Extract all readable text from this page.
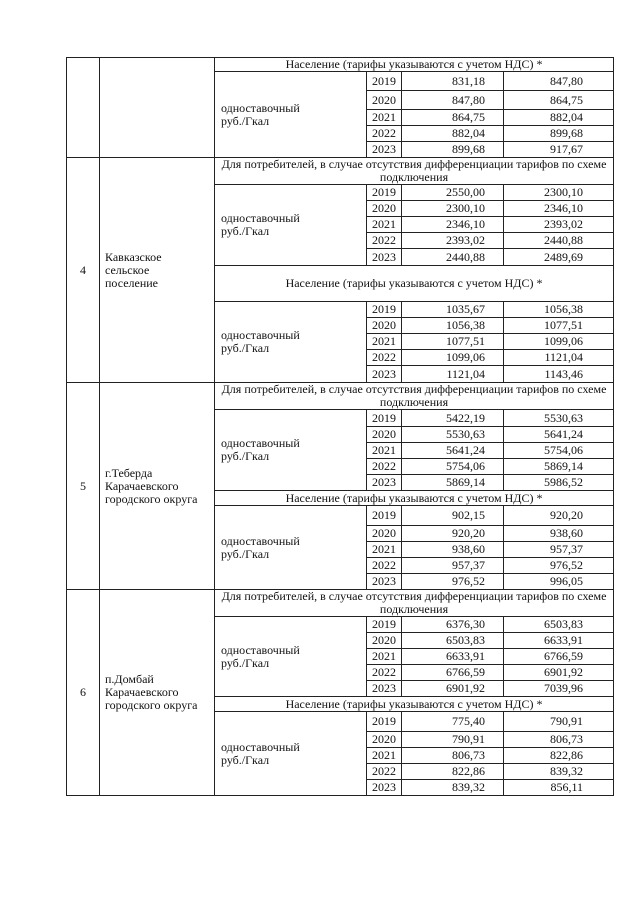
		Население (тарифы указываются с учетом НДС) *			

		одноставочный
руб./Гкал	2019	831,18	847,80
			2020	847,80	864,75
			2021	864,75	882,04
			2022	882,04	899,68
			2023	899,68	917,67
4	Кавказское
сельское
поселение	Для потребителей, в случае отсутствия дифференциации тарифов по схеме подключения			

		одноставочный
руб./Гкал	2019	2550,00	2300,10
			2020	2300,10	2346,10
			2021	2346,10	2393,02
			2022	2393,02	2440,88
			2023	2440,88	2489,69
		Население (тарифы указываются с учетом НДС) *			

		одноставочный
руб./Гкал	2019	1035,67	1056,38
			2020	1056,38	1077,51
			2021	1077,51	1099,06
			2022	1099,06	1121,04
			2023	1121,04	1143,46
5	г.Теберда
Карачаевского
городского округа	Для потребителей, в случае отсутствия дифференциации тарифов по схеме подключения			

		одноставочный
руб./Гкал	2019	5422,19	5530,63
			2020	5530,63	5641,24
			2021	5641,24	5754,06
			2022	5754,06	5869,14
			2023	5869,14	5986,52
		Население (тарифы указываются с учетом НДС) *			

		одноставочный
руб./Гкал	2019	902,15	920,20
			2020	920,20	938,60
			2021	938,60	957,37
			2022	957,37	976,52
			2023	976,52	996,05
6	п.Домбай
Карачаевского
городского округа	Для потребителей, в случае отсутствия дифференциации тарифов по схеме подключения			

		одноставочный
руб./Гкал	2019	6376,30	6503,83
			2020	6503,83	6633,91
			2021	6633,91	6766,59
			2022	6766,59	6901,92
			2023	6901,92	7039,96
		Население (тарифы указываются с учетом НДС) *			

		одноставочный
руб./Гкал	2019	775,40	790,91
			2020	790,91	806,73
			2021	806,73	822,86
			2022	822,86	839,32
			2023	839,32	856,11
